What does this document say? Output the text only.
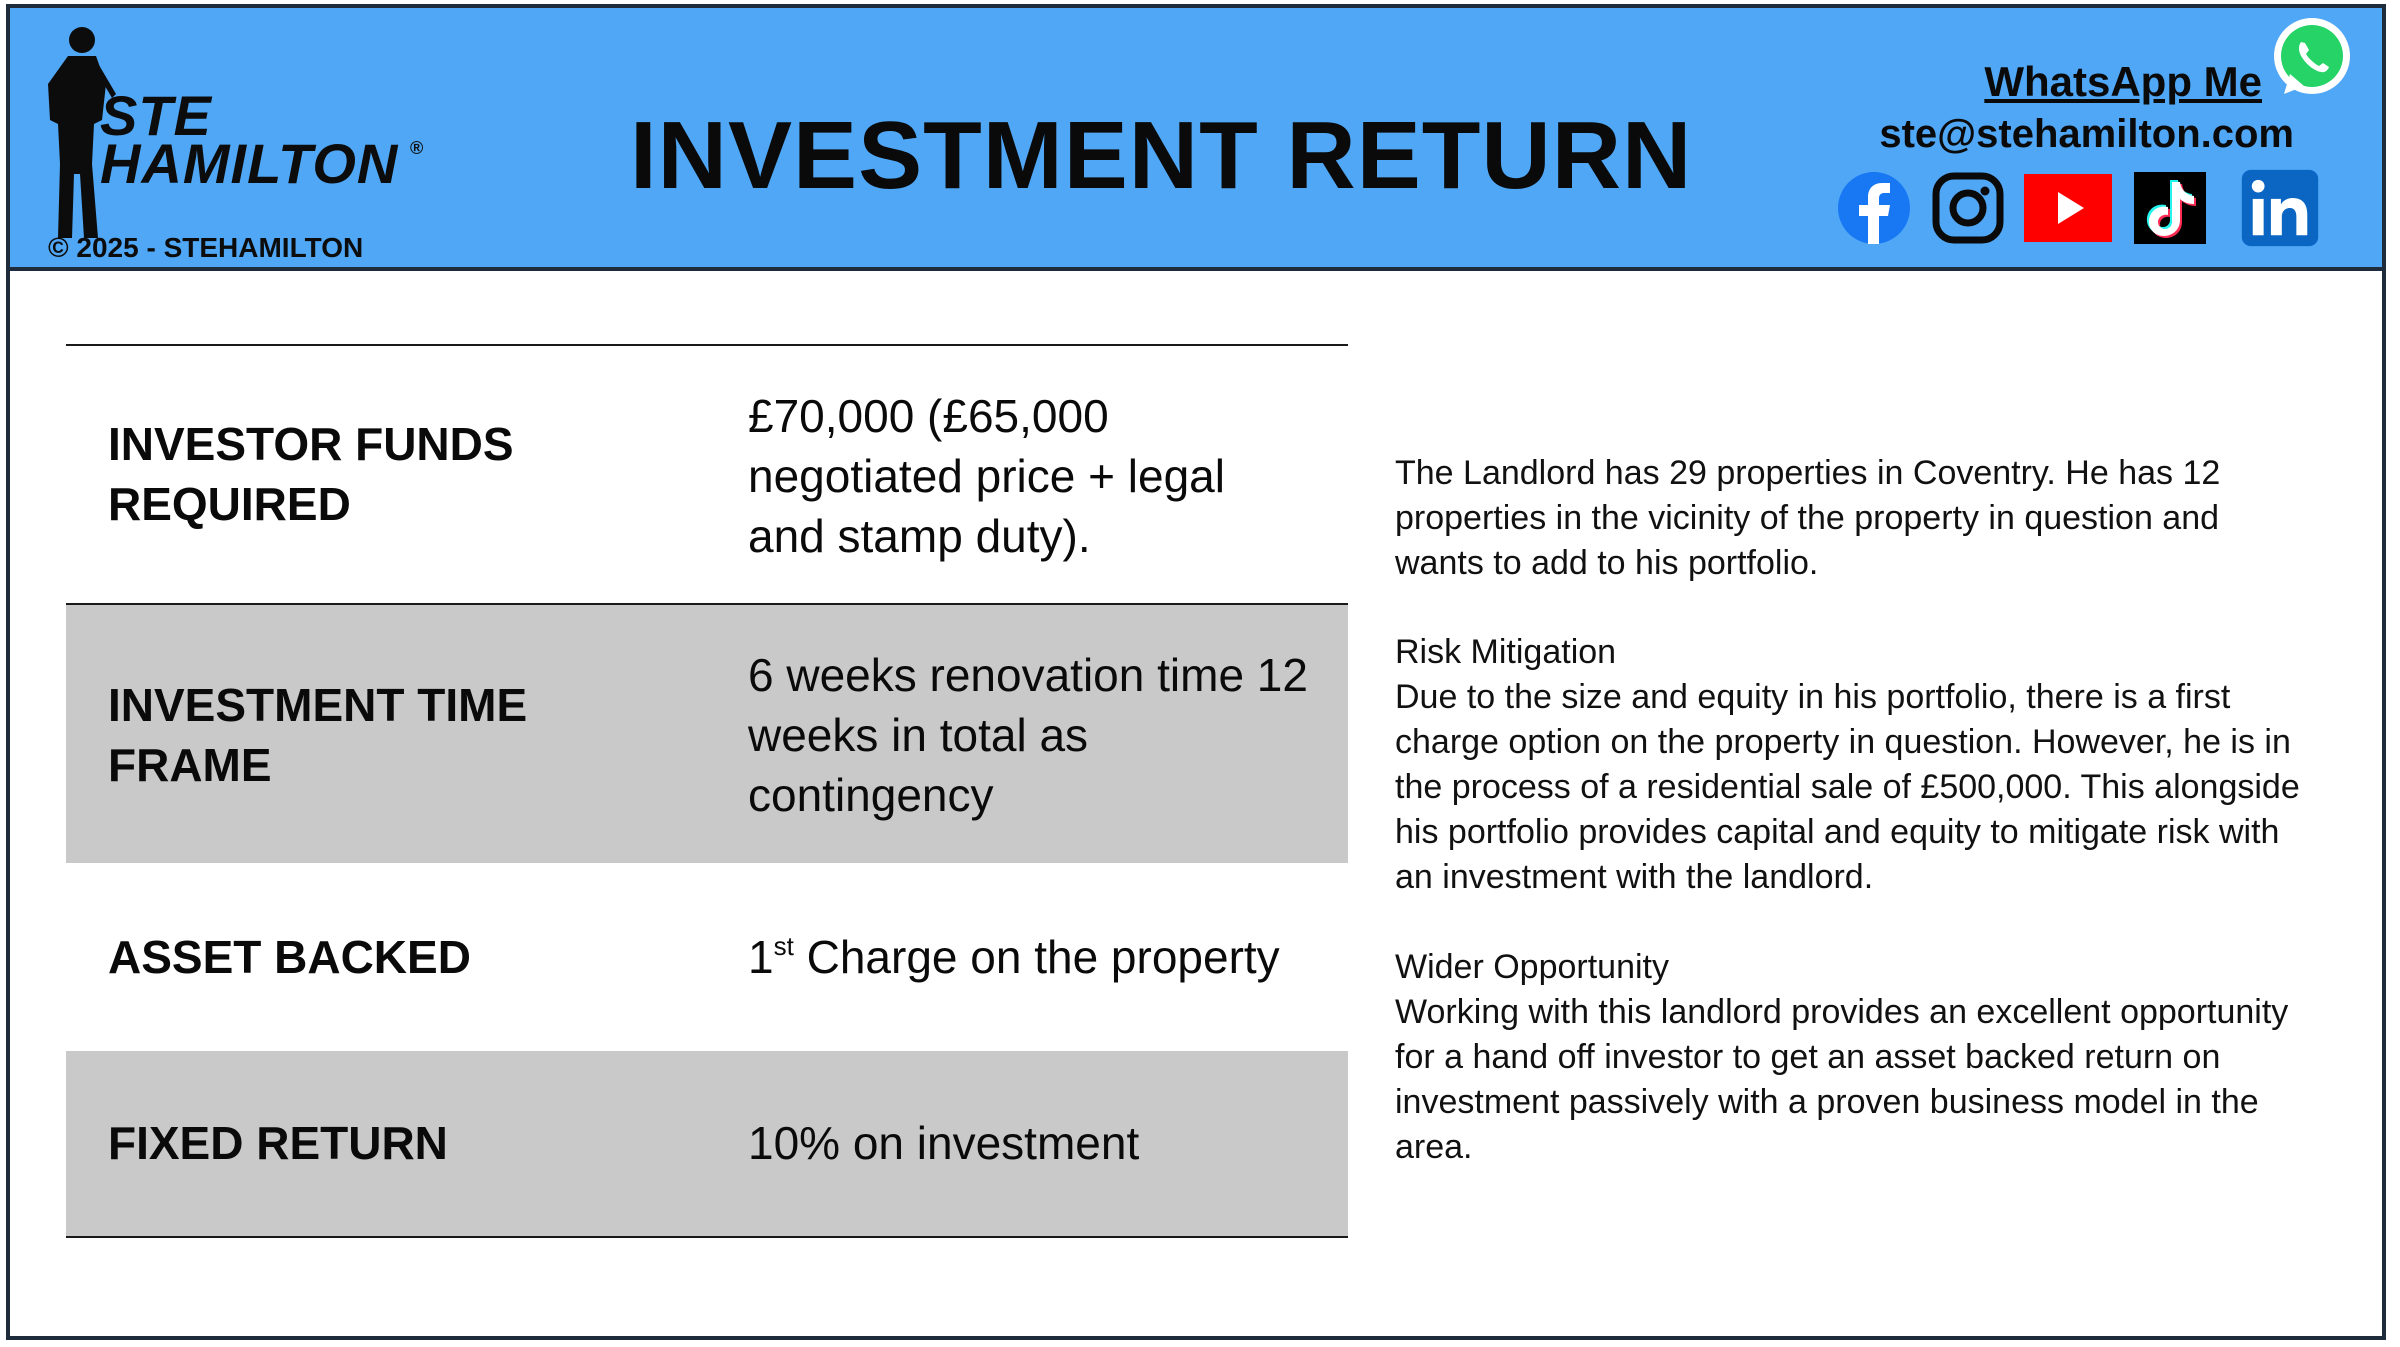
STE
HAMILTON ®
© 2025 - STEHAMILTON
INVESTMENT RETURN
WhatsApp Me
ste@stehamilton.com
INVESTOR FUNDS REQUIRED
£70,000 (£65,000 negotiated price + legal and stamp duty).
INVESTMENT TIME FRAME
6 weeks renovation time 12 weeks in total as contingency
ASSET BACKED	1st Charge on the property
FIXED RETURN	10% on investment
The Landlord has 29 properties in Coventry. He has 12 properties in the vicinity of the property in question and wants to add to his portfolio.
Risk Mitigation
Due to the size and equity in his portfolio, there is a first charge option on the property in question. However, he is in the process of a residential sale of £500,000. This alongside his portfolio provides capital and equity to mitigate risk with an investment with the landlord.
Wider Opportunity
Working with this landlord provides an excellent opportunity for a hand off investor to get an asset backed return on investment passively with a proven business model in the area.
